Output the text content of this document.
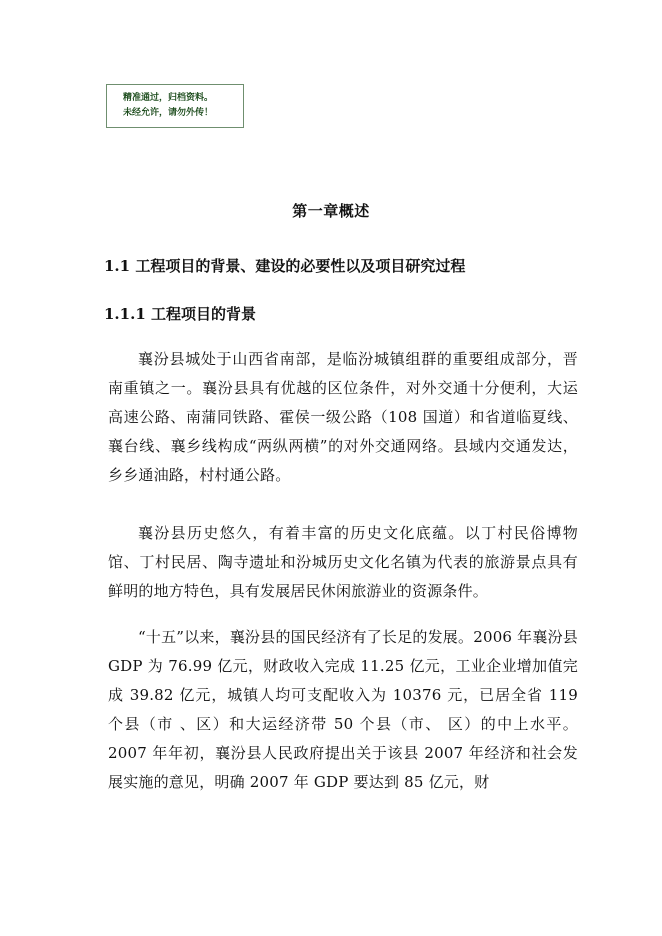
精准通过，归档资料。
未经允许，请勿外传！
第一章概述
1.1 工程项目的背景、建设的必要性以及项目研究过程
1.1.1 工程项目的背景

襄汾县城处于山西省南部，是临汾城镇组群的重要组成部分，晋南重镇之一。襄汾县具有优越的区位条件，对外交通十分便利，大运高速公路、南蒲同铁路、霍侯一级公路（108 国道）和省道临夏线、襄台线、襄乡线构成“两纵两横”的对外交通网络。县域内交通发达，乡乡通油路，村村通公路。

襄汾县历史悠久，有着丰富的历史文化底蕴。以丁村民俗博物馆、丁村民居、陶寺遗址和汾城历史文化名镇为代表的旅游景点具有鲜明的地方特色，具有发展居民休闲旅游业的资源条件。

“十五”以来，襄汾县的国民经济有了长足的发展。2006 年襄汾县 GDP 为 76.99 亿元，财政收入完成 11.25 亿元，工业企业增加值完成 39.82 亿元，城镇人均可支配收入为 10376 元，已居全省 119 个县（市 、区）和大运经济带 50 个县（市、 区）的中上水平。2007 年年初，襄汾县人民政府提出关于该县 2007 年经济和社会发展实施的意见，明确 2007 年 GDP 要达到 85 亿元，财
